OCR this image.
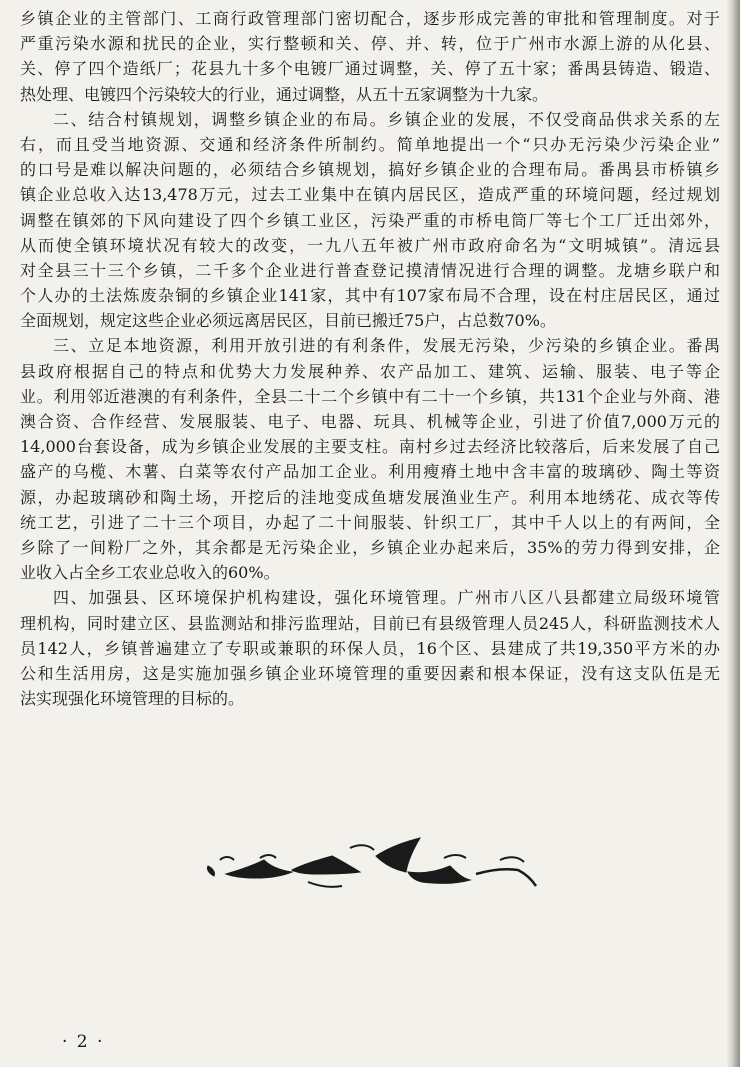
乡镇企业的主管部门、工商行政管理部门密切配合，逐步形成完善的审批和管理制度。对于
严重污染水源和扰民的企业，实行整顿和关、停、并、转，位于广州市水源上游的从化县、
关、停了四个造纸厂；花县九十多个电镀厂通过调整，关、停了五十家；番禺县铸造、锻造、
热处理、电镀四个污染较大的行业，通过调整，从五十五家调整为十九家。
二、结合村镇规划，调整乡镇企业的布局。乡镇企业的发展，不仅受商品供求关系的左
右，而且受当地资源、交通和经济条件所制约。简单地提出一个“只办无污染少污染企业”
的口号是难以解决问题的，必须结合乡镇规划，搞好乡镇企业的合理布局。番禺县市桥镇乡
镇企业总收入达13,478万元，过去工业集中在镇内居民区，造成严重的环境问题，经过规划
调整在镇郊的下风向建设了四个乡镇工业区，污染严重的市桥电筒厂等七个工厂迁出郊外，
从而使全镇环境状况有较大的改变，一九八五年被广州市政府命名为“文明城镇”。清远县
对全县三十三个乡镇，二千多个企业进行普查登记摸清情况进行合理的调整。龙塘乡联户和
个人办的土法炼废杂铜的乡镇企业141家，其中有107家布局不合理，设在村庄居民区，通过
全面规划，规定这些企业必须远离居民区，目前已搬迁75户，占总数70%。
三、立足本地资源，利用开放引进的有利条件，发展无污染，少污染的乡镇企业。番禺
县政府根据自己的特点和优势大力发展种养、农产品加工、建筑、运输、服装、电子等企
业。利用邻近港澳的有利条件，全县二十二个乡镇中有二十一个乡镇，共131个企业与外商、港
澳合资、合作经营、发展服装、电子、电器、玩具、机械等企业，引进了价值7,000万元的
14,000台套设备，成为乡镇企业发展的主要支柱。南村乡过去经济比较落后，后来发展了自己
盛产的乌榄、木薯、白菜等农付产品加工企业。利用瘦瘠土地中含丰富的玻璃砂、陶土等资
源，办起玻璃砂和陶土场，开挖后的洼地变成鱼塘发展渔业生产。利用本地绣花、成衣等传
统工艺，引进了二十三个项目，办起了二十间服装、针织工厂，其中千人以上的有两间，全
乡除了一间粉厂之外，其余都是无污染企业，乡镇企业办起来后，35%的劳力得到安排，企
业收入占全乡工农业总收入的60%。
四、加强县、区环境保护机构建设，强化环境管理。广州市八区八县都建立局级环境管
理机构，同时建立区、县监测站和排污监理站，目前已有县级管理人员245人，科研监测技术人
员142人，乡镇普遍建立了专职或兼职的环保人员，16个区、县建成了共19,350平方米的办
公和生活用房，这是实施加强乡镇企业环境管理的重要因素和根本保证，没有这支队伍是无
法实现强化环境管理的目标的。
· 2 ·
